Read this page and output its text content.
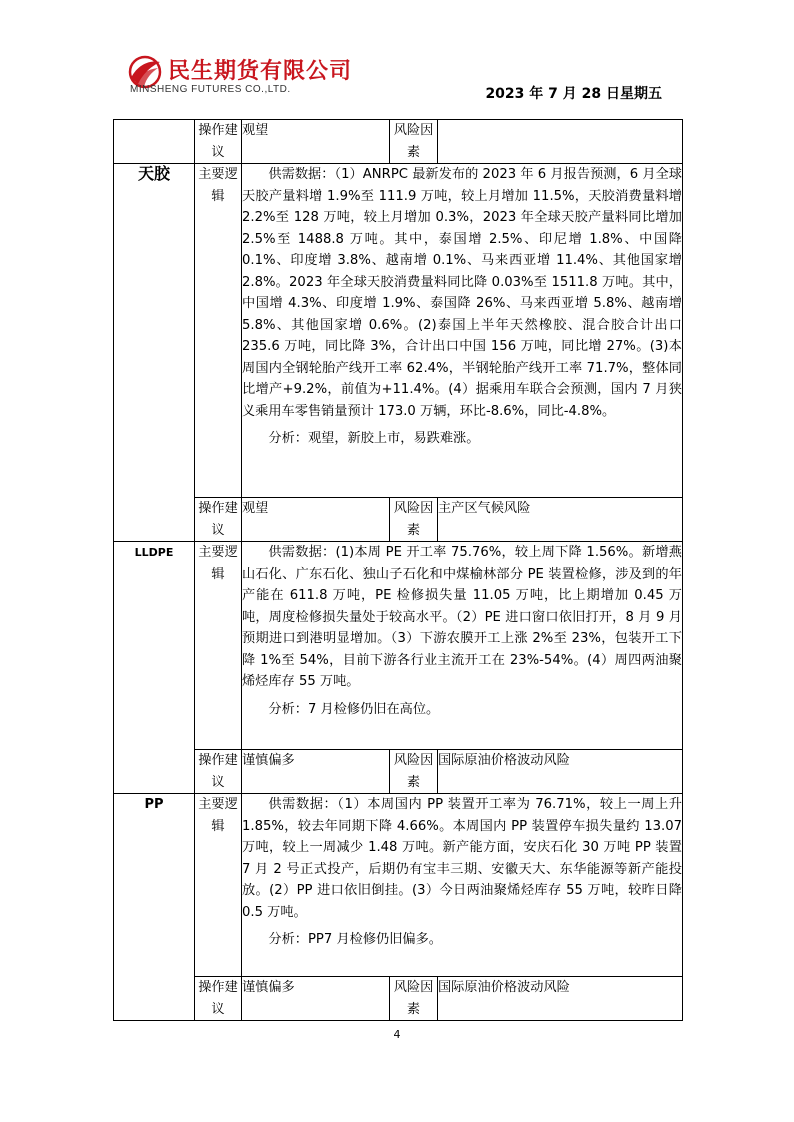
民生期货有限公司
MINSHENG FUTURES CO.,LTD.	2023 年 7 月 28 日星期五
	操作建议	观望	风险因素	
天胶	主要逻辑	供需数据：（1）ANRPC 最新发布的 2023 年 6 月报告预测，6 月全球天胶产量料增 1.9%至 111.9 万吨，较上月增加 11.5%，天胶消费量料增 2.2%至 128 万吨，较上月增加 0.3%，2023 年全球天胶产量料同比增加 2.5%至 1488.8 万吨。其中，泰国增 2.5%、印尼增 1.8%、中国降 0.1%、印度增 3.8%、越南增 0.1%、马来西亚增 11.4%、其他国家增 2.8%。2023 年全球天胶消费量料同比降 0.03%至 1511.8 万吨。其中，中国增 4.3%、印度增 1.9%、泰国降 26%、马来西亚增 5.8%、越南增 5.8%、其他国家增 0.6%。(2)泰国上半年天然橡胶、混合胶合计出口 235.6 万吨，同比降 3%，合计出口中国 156 万吨，同比增 27%。(3)本周国内全钢轮胎产线开工率 62.4%，半钢轮胎产线开工率 71.7%，整体同比增产+9.2%，前值为+11.4%。(4）据乘用车联合会预测，国内 7 月狭义乘用车零售销量预计 173.0 万辆，环比-8.6%，同比-4.8%。

分析：观望，新胶上市，易跌难涨。		

	操作建议	观望	风险因素	主产区气候风险
LLDPE	主要逻辑	供需数据：(1)本周 PE 开工率 75.76%，较上周下降 1.56%。新增燕山石化、广东石化、独山子石化和中煤榆林部分 PE 装置检修，涉及到的年产能在 611.8 万吨，PE 检修损失量 11.05 万吨，比上期增加 0.45 万吨，周度检修损失量处于较高水平。（2）PE 进口窗口依旧打开，8 月 9 月预期进口到港明显增加。（3）下游农膜开工上涨 2%至 23%，包装开工下降 1%至 54%，目前下游各行业主流开工在 23%-54%。(4）周四两油聚烯烃库存 55 万吨。

分析：7 月检修仍旧在高位。		

	操作建议	谨慎偏多	风险因素	国际原油价格波动风险
PP	主要逻辑	供需数据：（1）本周国内 PP 装置开工率为 76.71%，较上一周上升 1.85%，较去年同期下降 4.66%。本周国内 PP 装置停车损失量约 13.07 万吨，较上一周减少 1.48 万吨。新产能方面，安庆石化 30 万吨 PP 装置 7 月 2 号正式投产，后期仍有宝丰三期、安徽天大、东华能源等新产能投放。(2）PP 进口依旧倒挂。(3）今日两油聚烯烃库存 55 万吨，较昨日降 0.5 万吨。

分析：PP7 月检修仍旧偏多。		

	操作建议	谨慎偏多	风险因素	国际原油价格波动风险
4
